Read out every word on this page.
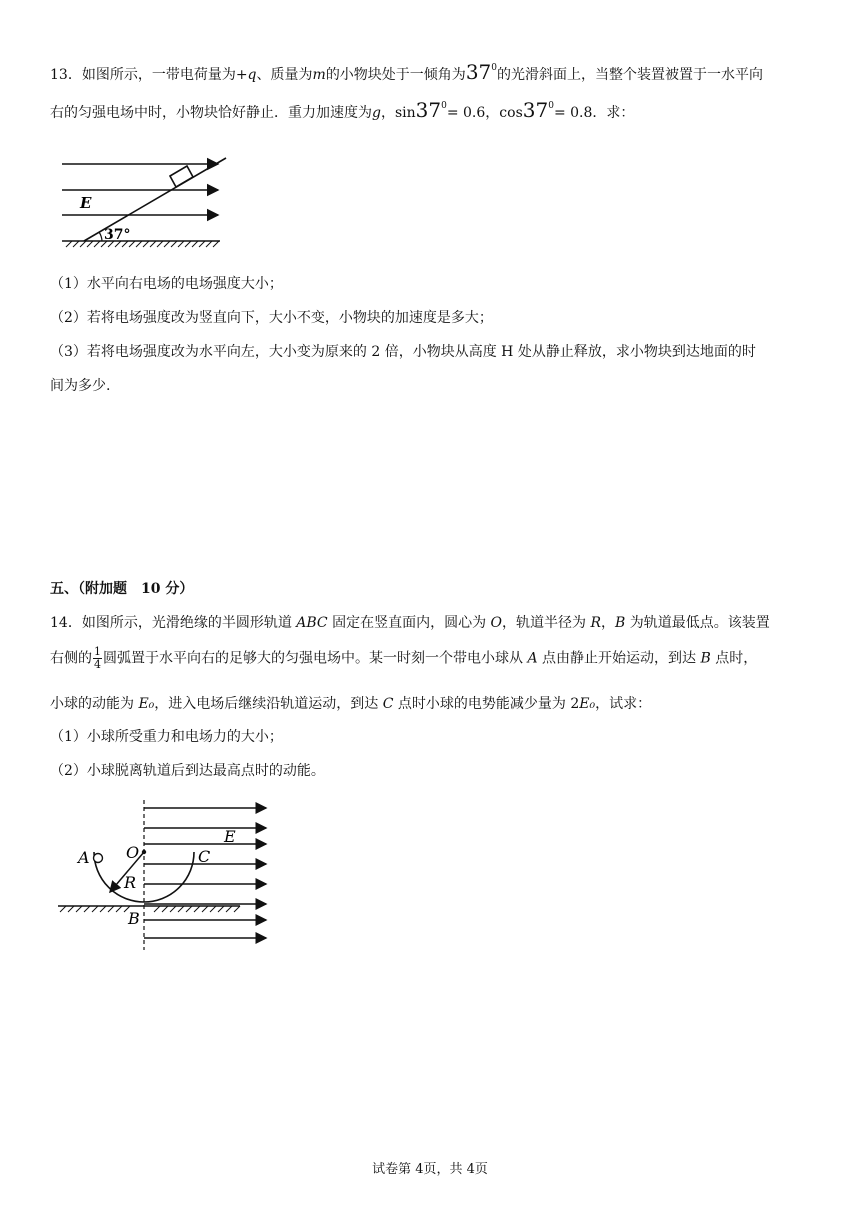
13．如图所示，一带电荷量为+q、质量为m的小物块处于一倾角为$37^0$的光滑斜面上，当整个装置被置于一水平向
右的匀强电场中时，小物块恰好静止．重力加速度为g，$\sin 37^0= 0.6$，$\cos 37^0= 0.8$．求：
37°
E
（1）水平向右电场的电场强度大小；
（2）若将电场强度改为竖直向下，大小不变，小物块的加速度是多大；
（3）若将电场强度改为水平向左，大小变为原来的 2 倍，小物块从高度 H 处从静止释放，求小物块到达地面的时
间为多少.
五、（附加题　10 分）
14．如图所示，光滑绝缘的半圆形轨道 ABC 固定在竖直面内，圆心为 O，轨道半径为 R，B 为轨道最低点。该装置
右侧的 $\frac{1}{4}$ 圆弧置于水平向右的足够大的匀强电场中。某一时刻一个带电小球从 A 点由静止开始运动，到达 B 点时，
小球的动能为 E₀，进入电场后继续沿轨道运动，到达 C 点时小球的电势能减少量为 2E₀，试求：
（1）小球所受重力和电场力的大小；
（2）小球脱离轨道后到达最高点时的动能。
A O	C
R
B
E
试卷第 4页，共 4页
